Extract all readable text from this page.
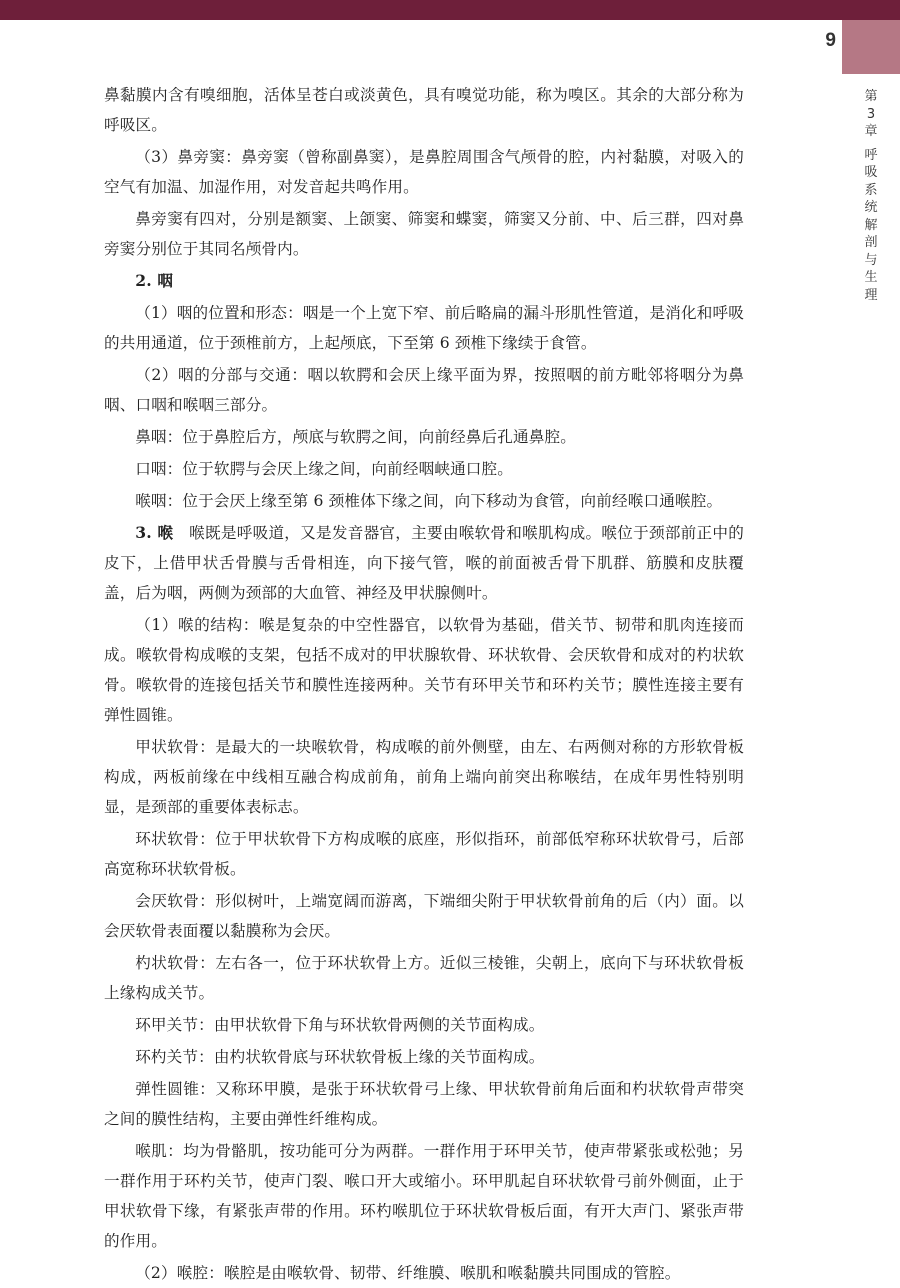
9
第
3
章
呼
吸
系
统
解
剖
与
生
理

鼻黏膜内含有嗅细胞，活体呈苍白或淡黄色，具有嗅觉功能，称为嗅区。其余的大部分称为呼吸区。

（3）鼻旁窦：鼻旁窦（曾称副鼻窦），是鼻腔周围含气颅骨的腔，内衬黏膜，对吸入的空气有加温、加湿作用，对发音起共鸣作用。

鼻旁窦有四对，分别是额窦、上颌窦、筛窦和蝶窦，筛窦又分前、中、后三群，四对鼻旁窦分别位于其同名颅骨内。

2. 咽

（1）咽的位置和形态：咽是一个上宽下窄、前后略扁的漏斗形肌性管道，是消化和呼吸的共用通道，位于颈椎前方，上起颅底，下至第 6 颈椎下缘续于食管。

（2）咽的分部与交通：咽以软腭和会厌上缘平面为界，按照咽的前方毗邻将咽分为鼻咽、口咽和喉咽三部分。

鼻咽：位于鼻腔后方，颅底与软腭之间，向前经鼻后孔通鼻腔。

口咽：位于软腭与会厌上缘之间，向前经咽峡通口腔。

喉咽：位于会厌上缘至第 6 颈椎体下缘之间，向下移动为食管，向前经喉口通喉腔。

3. 喉　 喉既是呼吸道，又是发音器官，主要由喉软骨和喉肌构成。喉位于颈部前正中的皮下，上借甲状舌骨膜与舌骨相连，向下接气管，喉的前面被舌骨下肌群、筋膜和皮肤覆盖，后为咽，两侧为颈部的大血管、神经及甲状腺侧叶。

（1）喉的结构：喉是复杂的中空性器官，以软骨为基础，借关节、韧带和肌肉连接而成。喉软骨构成喉的支架，包括不成对的甲状腺软骨、环状软骨、会厌软骨和成对的杓状软骨。喉软骨的连接包括关节和膜性连接两种。关节有环甲关节和环杓关节；膜性连接主要有弹性圆锥。

甲状软骨：是最大的一块喉软骨，构成喉的前外侧壁，由左、右两侧对称的方形软骨板构成，两板前缘在中线相互融合构成前角，前角上端向前突出称喉结，在成年男性特别明显，是颈部的重要体表标志。

环状软骨：位于甲状软骨下方构成喉的底座，形似指环，前部低窄称环状软骨弓，后部高宽称环状软骨板。

会厌软骨：形似树叶，上端宽阔而游离，下端细尖附于甲状软骨前角的后（内）面。以会厌软骨表面覆以黏膜称为会厌。

杓状软骨：左右各一，位于环状软骨上方。近似三棱锥，尖朝上，底向下与环状软骨板上缘构成关节。

环甲关节：由甲状软骨下角与环状软骨两侧的关节面构成。

环杓关节：由杓状软骨底与环状软骨板上缘的关节面构成。

弹性圆锥：又称环甲膜，是张于环状软骨弓上缘、甲状软骨前角后面和杓状软骨声带突之间的膜性结构，主要由弹性纤维构成。

喉肌：均为骨骼肌，按功能可分为两群。一群作用于环甲关节，使声带紧张或松弛；另一群作用于环杓关节，使声门裂、喉口开大或缩小。环甲肌起自环状软骨弓前外侧面，止于甲状软骨下缘，有紧张声带的作用。环杓喉肌位于环状软骨板后面，有开大声门、紧张声带的作用。

（2）喉腔：喉腔是由喉软骨、韧带、纤维膜、喉肌和喉黏膜共同围成的管腔。
